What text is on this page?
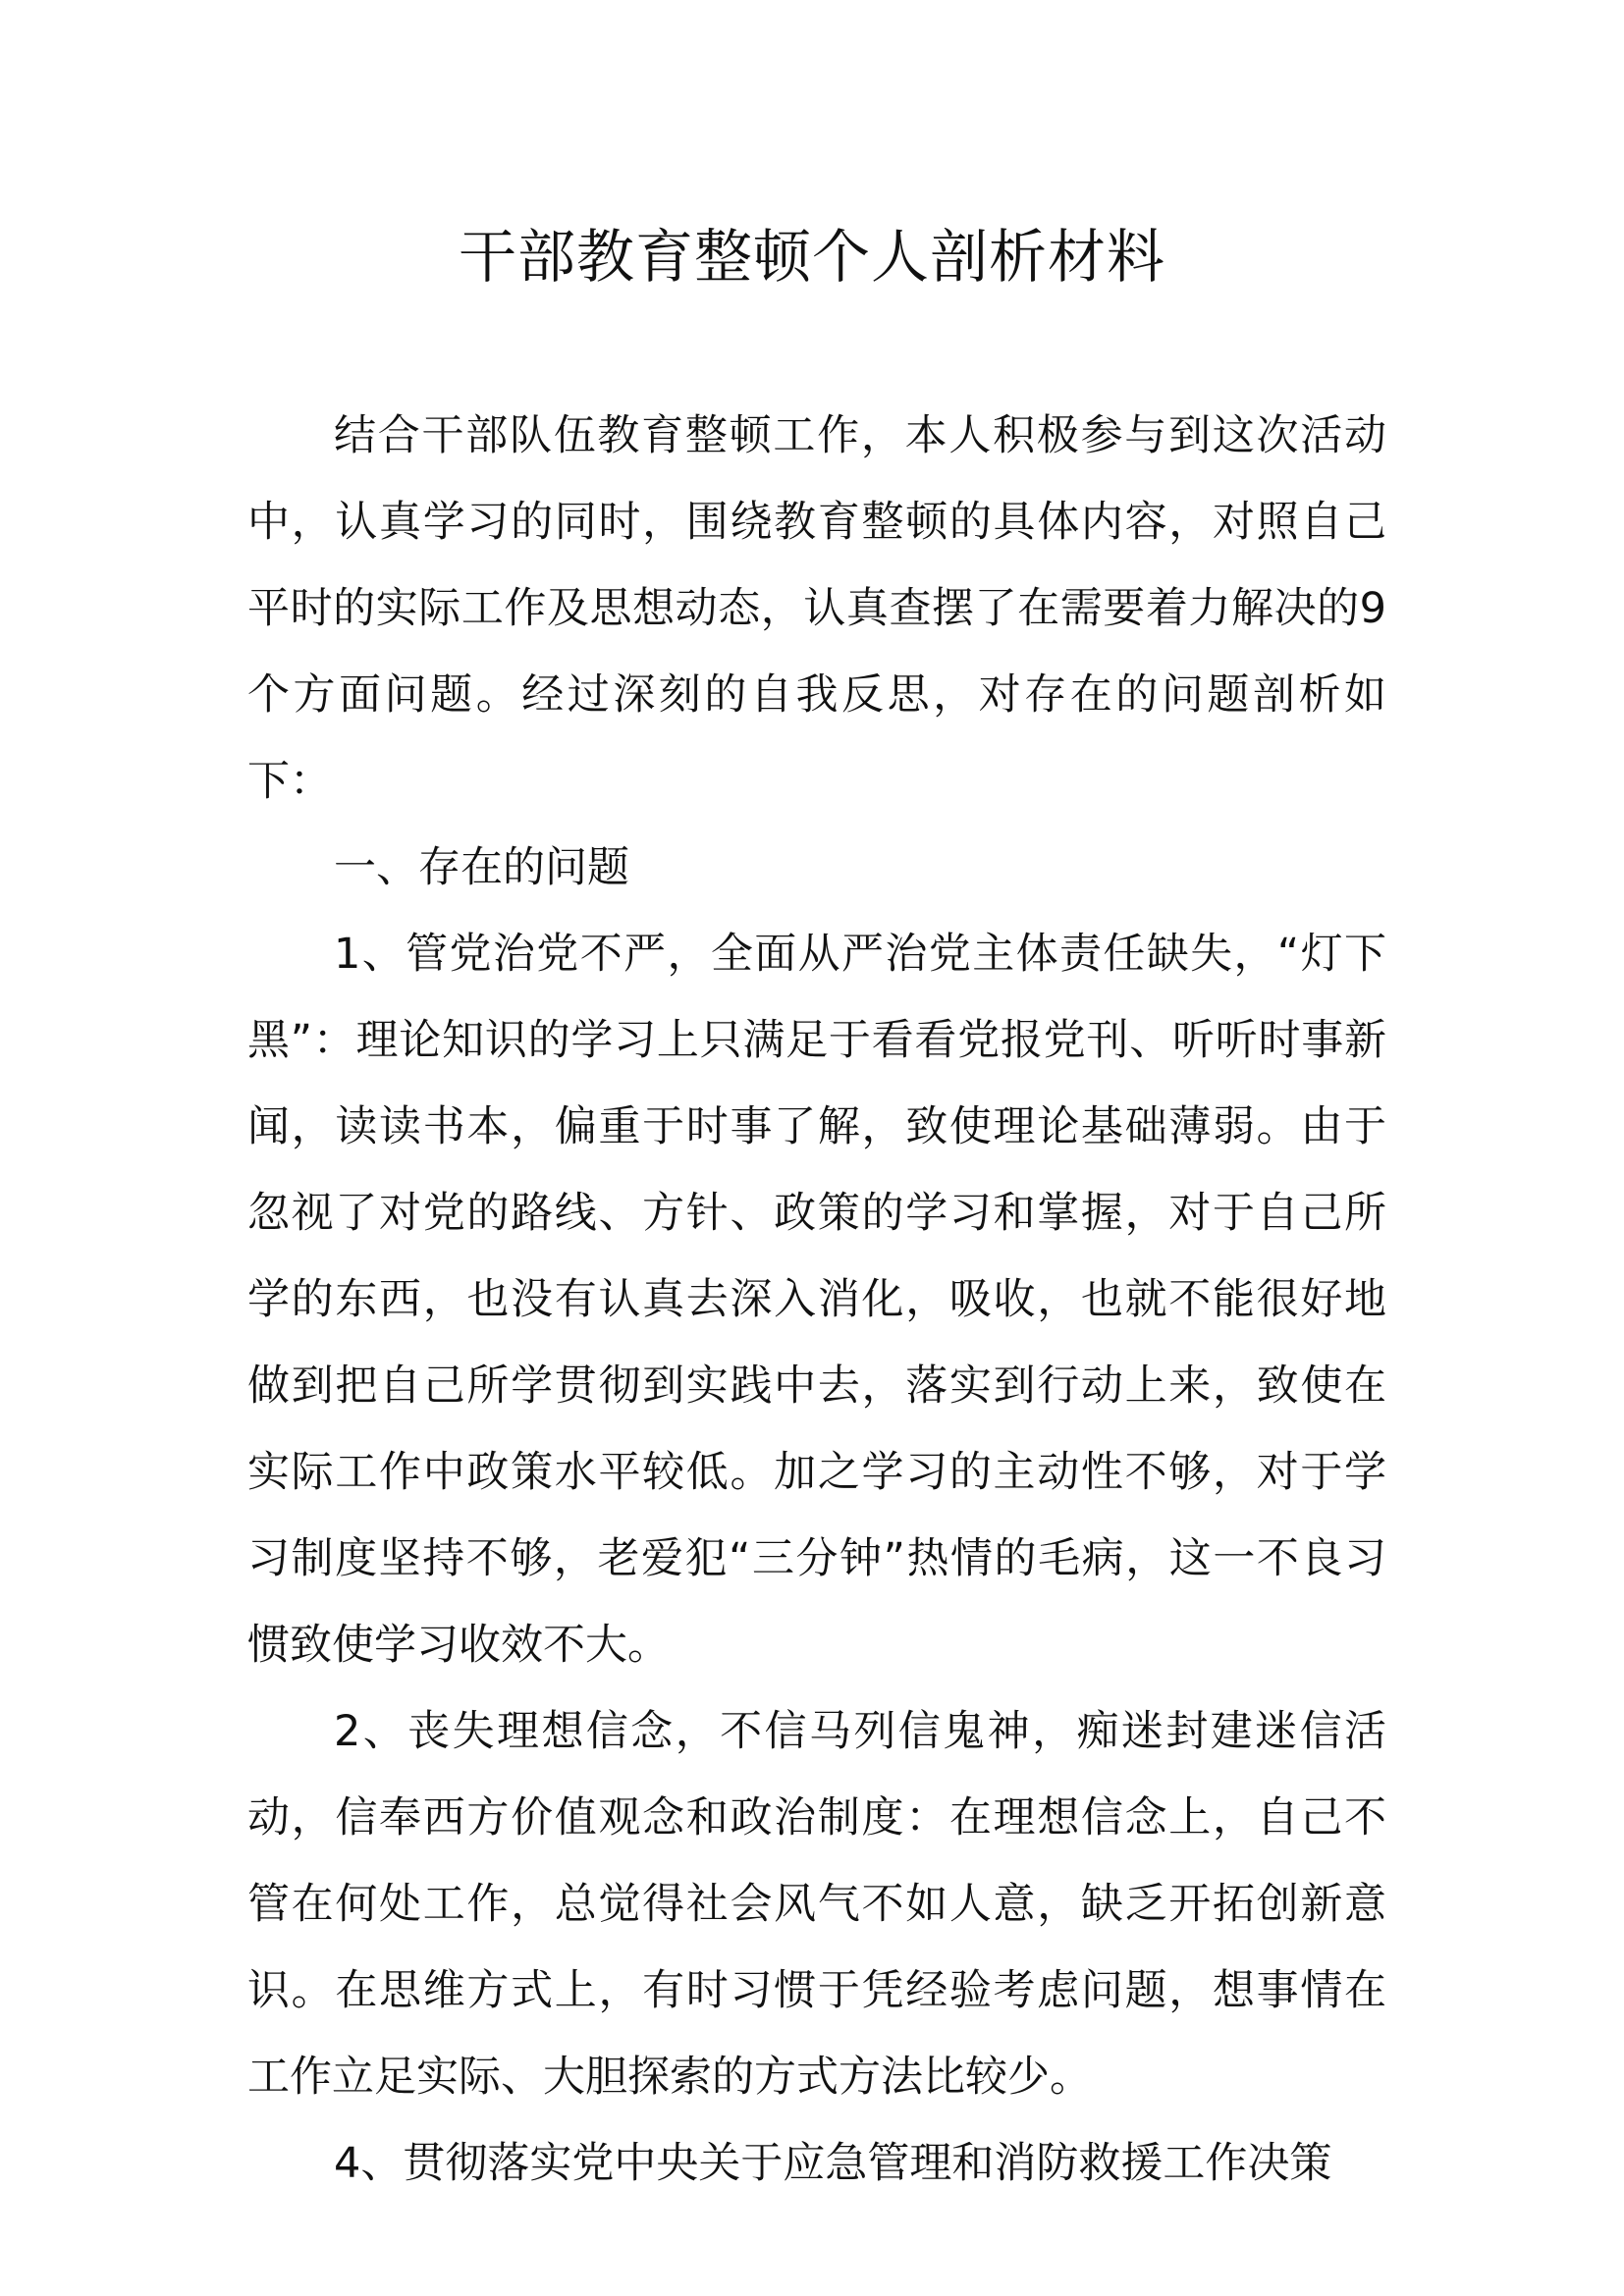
干部教育整顿个人剖析材料

结合干部队伍教育整顿工作，本人积极参与到这次活动中，认真学习的同时，围绕教育整顿的具体内容，对照自己平时的实际工作及思想动态，认真查摆了在需要着力解决的9个方面问题。经过深刻的自我反思，对存在的问题剖析如下：

一、存在的问题

1、管党治党不严，全面从严治党主体责任缺失，“灯下黑”：理论知识的学习上只满足于看看党报党刊、听听时事新闻，读读书本，偏重于时事了解，致使理论基础薄弱。由于忽视了对党的路线、方针、政策的学习和掌握，对于自己所学的东西，也没有认真去深入消化，吸收，也就不能很好地做到把自己所学贯彻到实践中去，落实到行动上来，致使在实际工作中政策水平较低。加之学习的主动性不够，对于学习制度坚持不够，老爱犯“三分钟”热情的毛病，这一不良习惯致使学习收效不大。

2、丧失理想信念，不信马列信鬼神，痴迷封建迷信活动，信奉西方价值观念和政治制度：在理想信念上，自己不管在何处工作，总觉得社会风气不如人意，缺乏开拓创新意识。在思维方式上，有时习惯于凭经验考虑问题，想事情在工作立足实际、大胆探索的方式方法比较少。

4、贯彻落实党中央关于应急管理和消防救援工作决策
